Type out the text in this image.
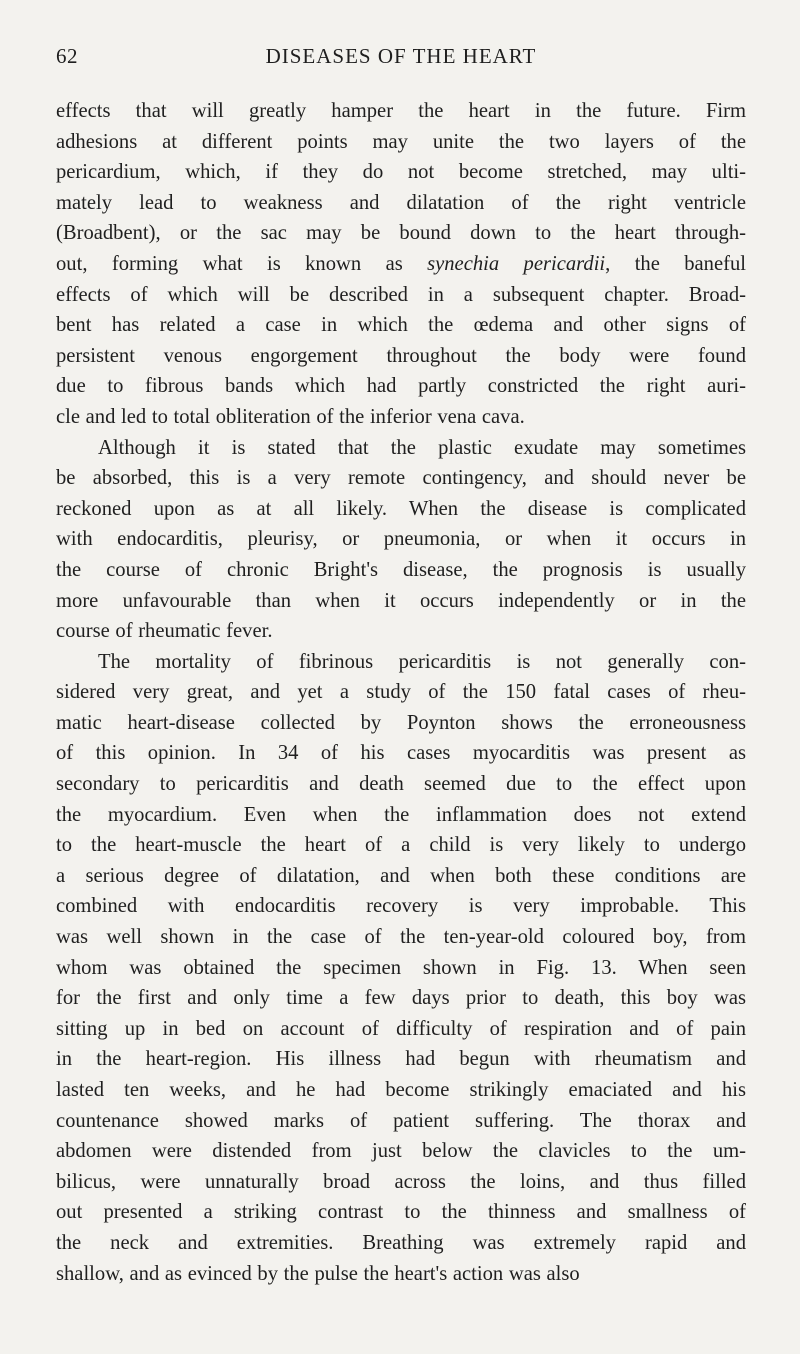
62	DISEASES OF THE HEART

effects that will greatly hamper the heart in the future. Firm
adhesions at different points may unite the two layers of the
pericardium, which, if they do not become stretched, may ulti-
mately lead to weakness and dilatation of the right ventricle
(Broadbent), or the sac may be bound down to the heart through-
out, forming what is known as synechia pericardii, the baneful
effects of which will be described in a subsequent chapter. Broad-
bent has related a case in which the œdema and other signs of
persistent venous engorgement throughout the body were found
due to fibrous bands which had partly constricted the right auri-
cle and led to total obliteration of the inferior vena cava.

Although it is stated that the plastic exudate may sometimes
be absorbed, this is a very remote contingency, and should never be
reckoned upon as at all likely. When the disease is complicated
with endocarditis, pleurisy, or pneumonia, or when it occurs in
the course of chronic Bright's disease, the prognosis is usually
more unfavourable than when it occurs independently or in the
course of rheumatic fever.

The mortality of fibrinous pericarditis is not generally con-
sidered very great, and yet a study of the 150 fatal cases of rheu-
matic heart-disease collected by Poynton shows the erroneousness
of this opinion. In 34 of his cases myocarditis was present as
secondary to pericarditis and death seemed due to the effect upon
the myocardium. Even when the inflammation does not extend
to the heart-muscle the heart of a child is very likely to undergo
a serious degree of dilatation, and when both these conditions are
combined with endocarditis recovery is very improbable. This
was well shown in the case of the ten-year-old coloured boy, from
whom was obtained the specimen shown in Fig. 13. When seen
for the first and only time a few days prior to death, this boy was
sitting up in bed on account of difficulty of respiration and of pain
in the heart-region. His illness had begun with rheumatism and
lasted ten weeks, and he had become strikingly emaciated and his
countenance showed marks of patient suffering. The thorax and
abdomen were distended from just below the clavicles to the um-
bilicus, were unnaturally broad across the loins, and thus filled
out presented a striking contrast to the thinness and smallness of
the neck and extremities. Breathing was extremely rapid and
shallow, and as evinced by the pulse the heart's action was also
